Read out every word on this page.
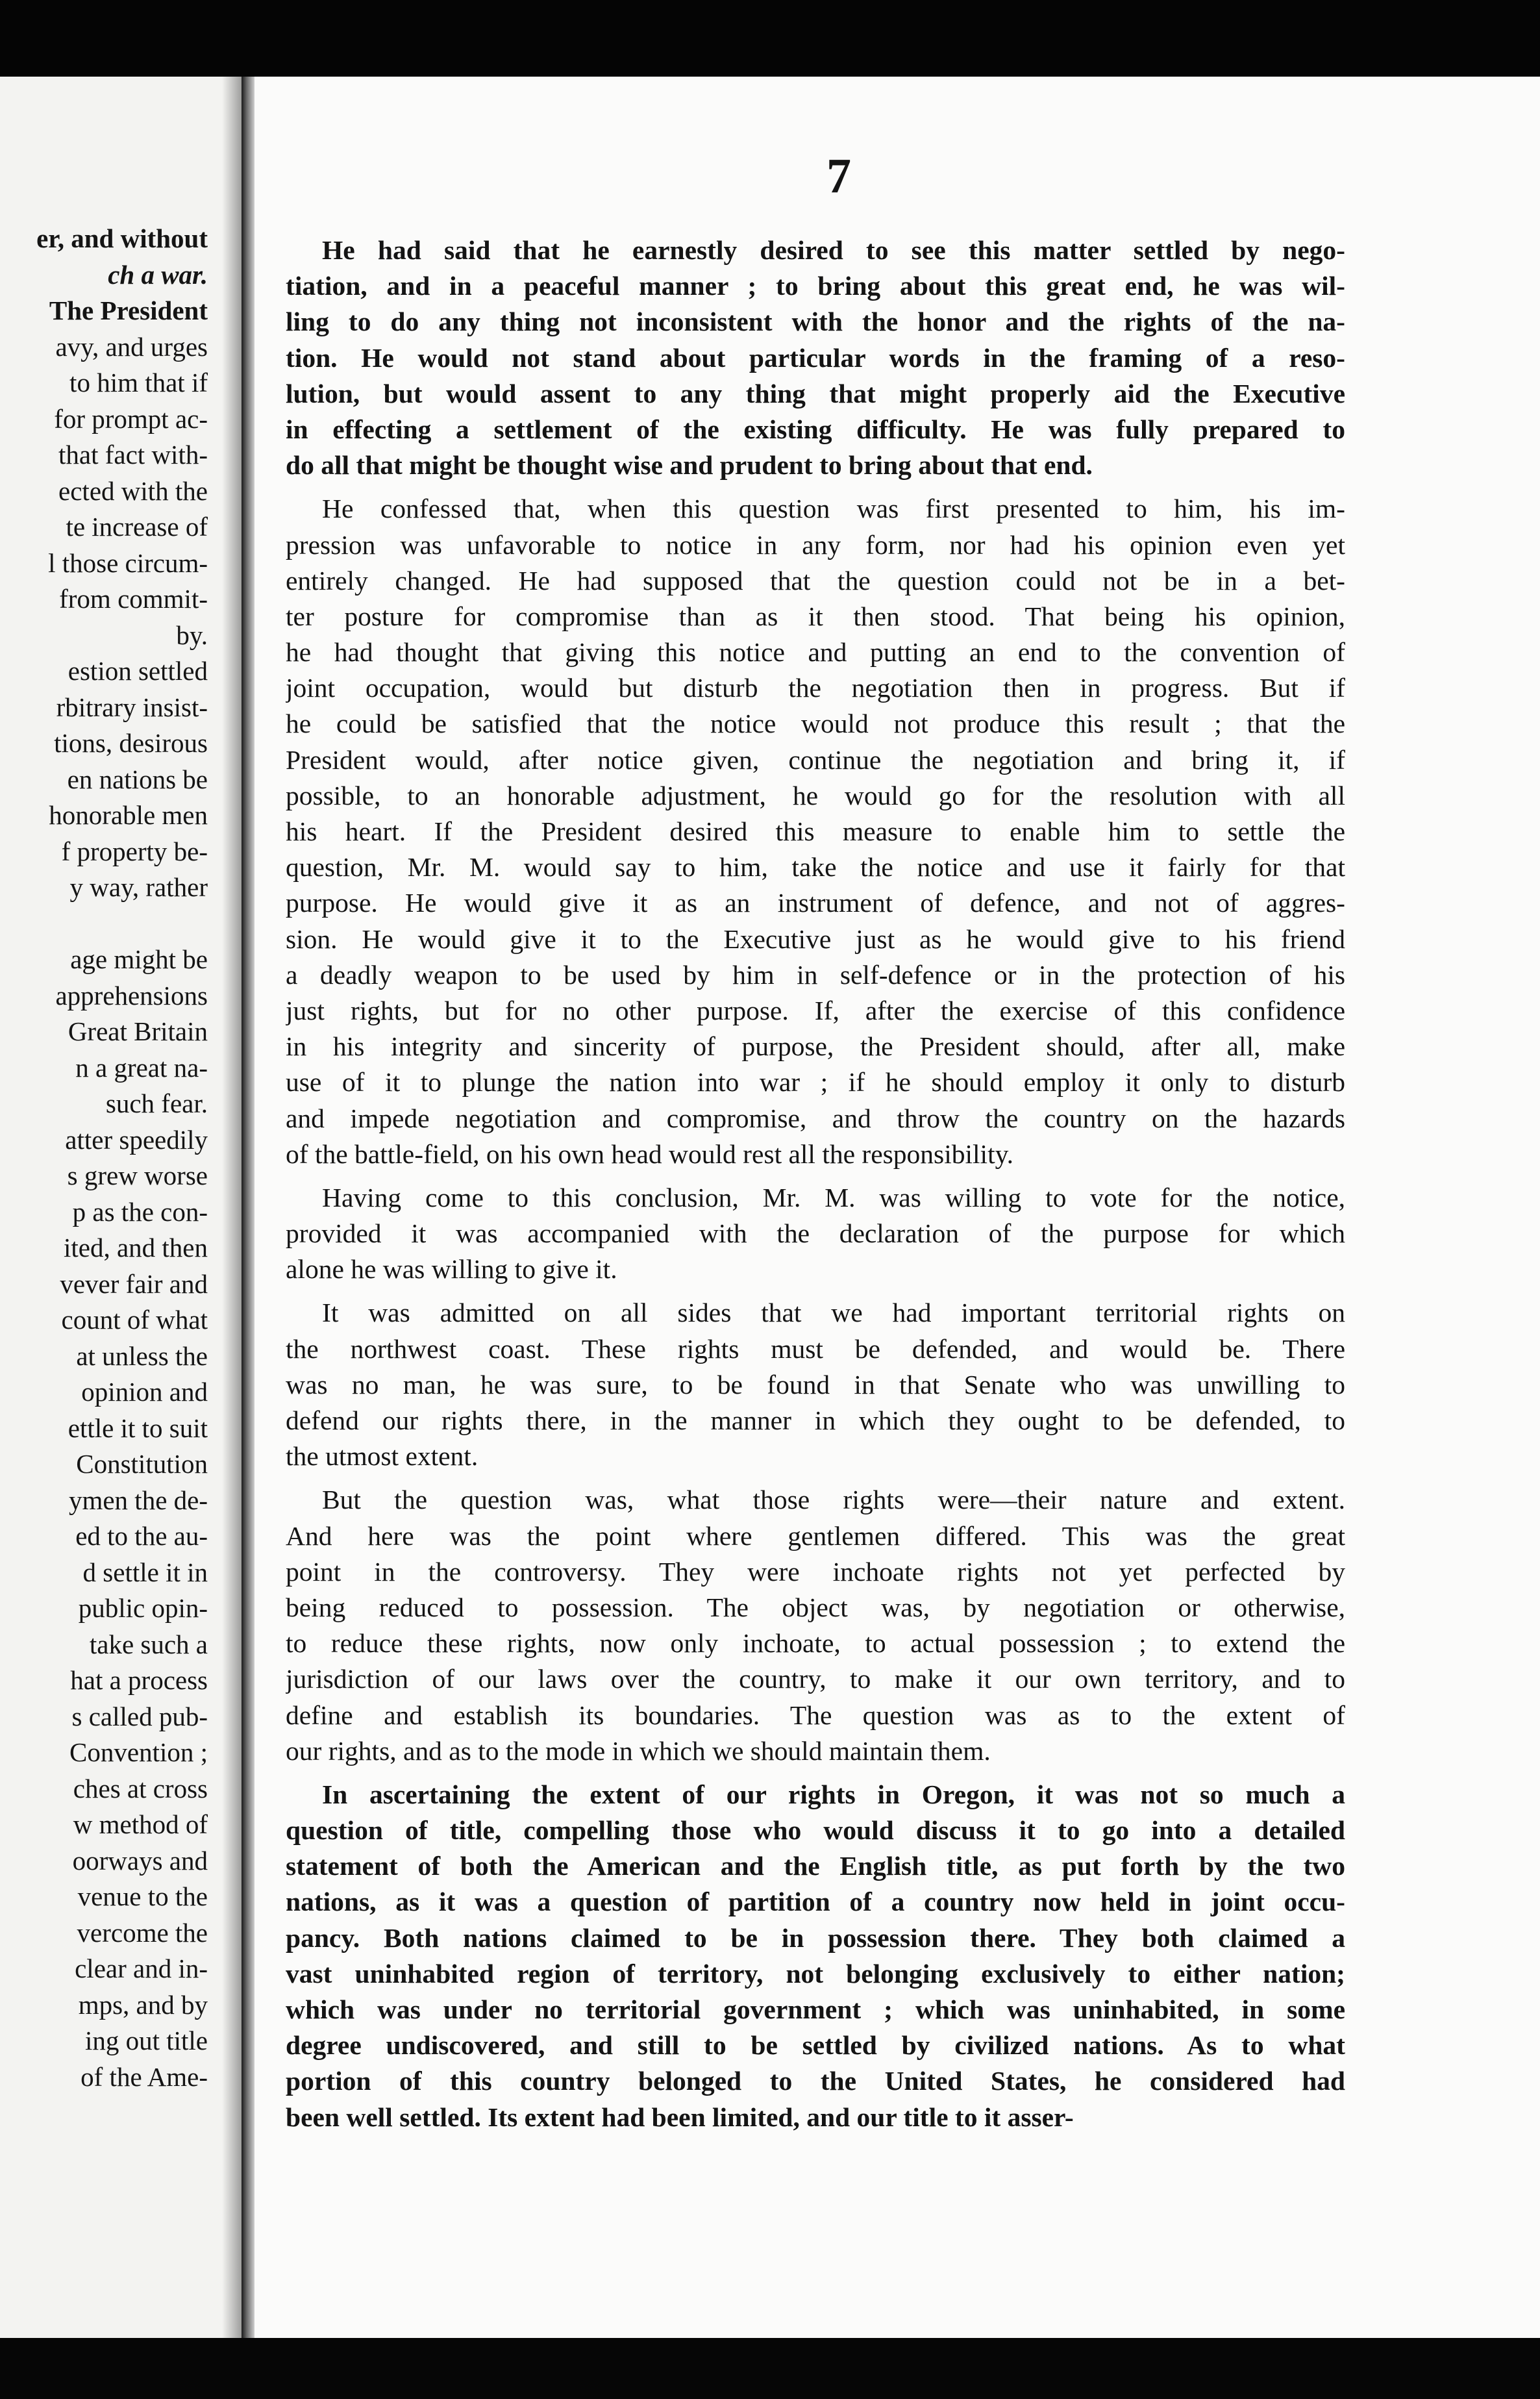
er, and without
ch a war.
The President
avy, and urges
to him that if
for prompt ac-
that fact with-
ected with the
te increase of
l those circum-
from commit-
by.
estion settled
rbitrary insist-
tions, desirous
en nations be
honorable men
f property be-
y way, rather
age might be
apprehensions
Great Britain
n a great na-
such fear.
atter speedily
s grew worse
p as the con-
ited, and then
vever fair and
count of what
at unless the
opinion and
ettle it to suit
Constitution
ymen the de-
ed to the au-
d settle it in
public opin-
take such a
hat a process
s called pub-
Convention ;
ches at cross
w method of
oorways and
venue to the
vercome the
clear and in-
mps, and by
ing out title
of the Ame-
7
He had said that he earnestly desired to see this matter settled by nego-
tiation, and in a peaceful manner ; to bring about this great end, he was wil-
ling to do any thing not inconsistent with the honor and the rights of the na-
tion. He would not stand about particular words in the framing of a reso-
lution, but would assent to any thing that might properly aid the Executive
in effecting a settlement of the existing difficulty. He was fully prepared to
do all that might be thought wise and prudent to bring about that end.
He confessed that, when this question was first presented to him, his im-
pression was unfavorable to notice in any form, nor had his opinion even yet
entirely changed. He had supposed that the question could not be in a bet-
ter posture for compromise than as it then stood. That being his opinion,
he had thought that giving this notice and putting an end to the convention of
joint occupation, would but disturb the negotiation then in progress. But if
he could be satisfied that the notice would not produce this result ; that the
President would, after notice given, continue the negotiation and bring it, if
possible, to an honorable adjustment, he would go for the resolution with all
his heart. If the President desired this measure to enable him to settle the
question, Mr. M. would say to him, take the notice and use it fairly for that
purpose. He would give it as an instrument of defence, and not of aggres-
sion. He would give it to the Executive just as he would give to his friend
a deadly weapon to be used by him in self-defence or in the protection of his
just rights, but for no other purpose. If, after the exercise of this confidence
in his integrity and sincerity of purpose, the President should, after all, make
use of it to plunge the nation into war ; if he should employ it only to disturb
and impede negotiation and compromise, and throw the country on the hazards
of the battle-field, on his own head would rest all the responsibility.
Having come to this conclusion, Mr. M. was willing to vote for the notice,
provided it was accompanied with the declaration of the purpose for which
alone he was willing to give it.
It was admitted on all sides that we had important territorial rights on
the northwest coast. These rights must be defended, and would be. There
was no man, he was sure, to be found in that Senate who was unwilling to
defend our rights there, in the manner in which they ought to be defended, to
the utmost extent.
But the question was, what those rights were—their nature and extent.
And here was the point where gentlemen differed. This was the great
point in the controversy. They were inchoate rights not yet perfected by
being reduced to possession. The object was, by negotiation or otherwise,
to reduce these rights, now only inchoate, to actual possession ; to extend the
jurisdiction of our laws over the country, to make it our own territory, and to
define and establish its boundaries. The question was as to the extent of
our rights, and as to the mode in which we should maintain them.
In ascertaining the extent of our rights in Oregon, it was not so much a
question of title, compelling those who would discuss it to go into a detailed
statement of both the American and the English title, as put forth by the two
nations, as it was a question of partition of a country now held in joint occu-
pancy. Both nations claimed to be in possession there. They both claimed a
vast uninhabited region of territory, not belonging exclusively to either nation;
which was under no territorial government ; which was uninhabited, in some
degree undiscovered, and still to be settled by civilized nations. As to what
portion of this country belonged to the United States, he considered had
been well settled. Its extent had been limited, and our title to it asser-
